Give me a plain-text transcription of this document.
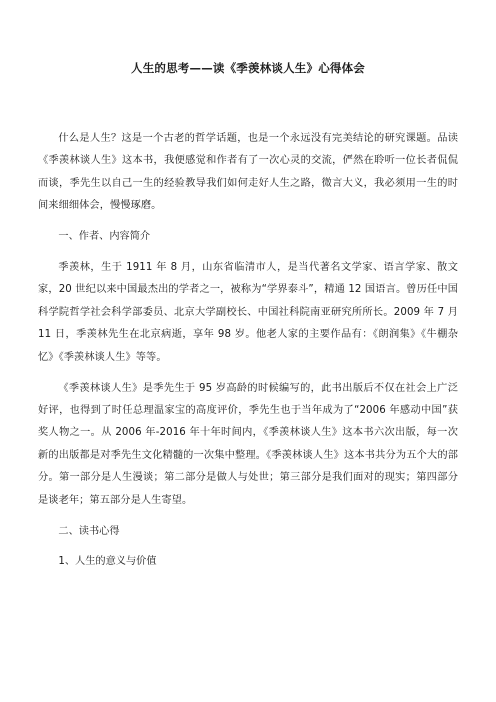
人生的思考——读《季羡林谈人生》心得体会

什么是人生？这是一个古老的哲学话题，也是一个永远没有完美结论的研究课题。品读《季羡林谈人生》这本书，我便感觉和作者有了一次心灵的交流，俨然在聆听一位长者侃侃而谈，季先生以自己一生的经验教导我们如何走好人生之路，微言大义，我必须用一生的时间来细细体会，慢慢琢磨。

一、作者、内容简介

季羡林，生于 1911 年 8 月，山东省临清市人，是当代著名文学家、语言学家、散文家，20 世纪以来中国最杰出的学者之一，被称为“学界泰斗”，精通 12 国语言。曾历任中国科学院哲学社会科学部委员、北京大学副校长、中国社科院南亚研究所所长。2009 年 7 月 11 日，季羡林先生在北京病逝，享年 98 岁。他老人家的主要作品有：《朗润集》《牛棚杂忆》《季羡林谈人生》等等。

《季羡林谈人生》是季先生于 95 岁高龄的时候编写的，此书出版后不仅在社会上广泛好评，也得到了时任总理温家宝的高度评价，季先生也于当年成为了“2006 年感动中国”获奖人物之一。从 2006 年-2016 年十年时间内，《季羡林谈人生》这本书六次出版，每一次新的出版都是对季先生文化精髓的一次集中整理。《季羡林谈人生》这本书共分为五个大的部分。第一部分是人生漫谈；第二部分是做人与处世；第三部分是我们面对的现实；第四部分是谈老年；第五部分是人生寄望。

二、读书心得

1、人生的意义与价值
